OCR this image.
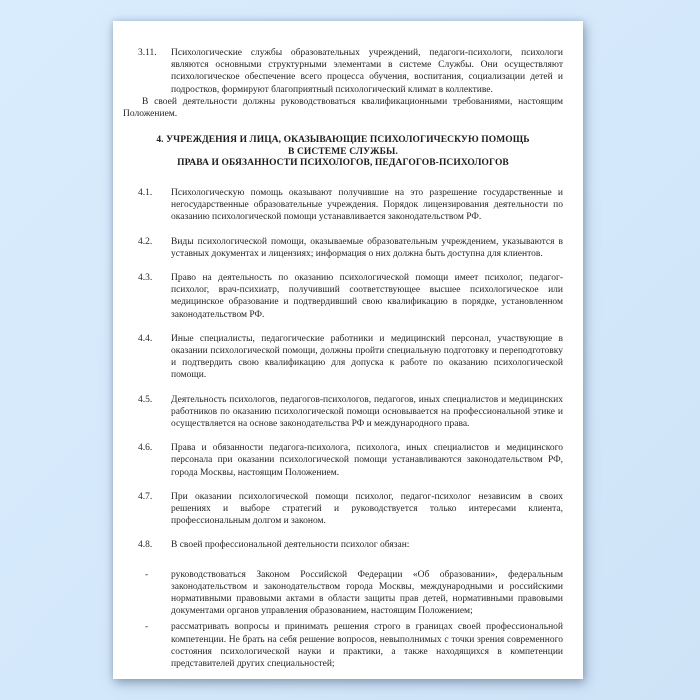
3.11. Психологические службы образовательных учреждений, педагоги-психологи, психологи являются основными структурными элементами в системе Службы. Они осуществляют психологическое обеспечение всего процесса обучения, воспитания, социализации детей и подростков, формируют благоприятный психологический климат в коллективе.
В своей деятельности должны руководствоваться квалификационными требованиями, настоящим Положением.
4. УЧРЕЖДЕНИЯ И ЛИЦА, ОКАЗЫВАЮЩИЕ ПСИХОЛОГИЧЕСКУЮ ПОМОЩЬ
В СИСТЕМЕ СЛУЖБЫ.
ПРАВА И ОБЯЗАННОСТИ ПСИХОЛОГОВ, ПЕДАГОГОВ-ПСИХОЛОГОВ
4.1. Психологическую помощь оказывают получившие на это разрешение государственные и негосударственные образовательные учреждения. Порядок лицензирования деятельности по оказанию психологической помощи устанавливается законодательством РФ.
4.2. Виды психологической помощи, оказываемые образовательным учреждением, указываются в уставных документах и лицензиях; информация о них должна быть доступна для клиентов.
4.3. Право на деятельность по оказанию психологической помощи имеет психолог, педагог-психолог, врач-психиатр, получивший соответствующее высшее психологическое или медицинское образование и подтвердивший свою квалификацию в порядке, установленном законодательством РФ.
4.4. Иные специалисты, педагогические работники и медицинский персонал, участвующие в оказании психологической помощи, должны пройти специальную подготовку и переподготовку и подтвердить свою квалификацию для допуска к работе по оказанию психологической помощи.
4.5. Деятельность психологов, педагогов-психологов, педагогов, иных специалистов и медицинских работников по оказанию психологической помощи основывается на профессиональной этике и осуществляется на основе законодательства РФ и международного права.
4.6. Права и обязанности педагога-психолога, психолога, иных специалистов и медицинского персонала при оказании психологической помощи устанавливаются законодательством РФ, города Москвы, настоящим Положением.
4.7. При оказании психологической помощи психолог, педагог-психолог независим в своих решениях и выборе стратегий и руководствуется только интересами клиента, профессиональным долгом и законом.
4.8. В своей профессиональной деятельности психолог обязан:
- руководствоваться Законом Российской Федерации «Об образовании», федеральным законодательством и законодательством города Москвы, международными и российскими нормативными правовыми актами в области защиты прав детей, нормативными правовыми документами органов управления образованием, настоящим Положением;
- рассматривать вопросы и принимать решения строго в границах своей профессиональной компетенции. Не брать на себя решение вопросов, невыполнимых с точки зрения современного состояния психологической науки и практики, а также находящихся в компетенции представителей других специальностей;
